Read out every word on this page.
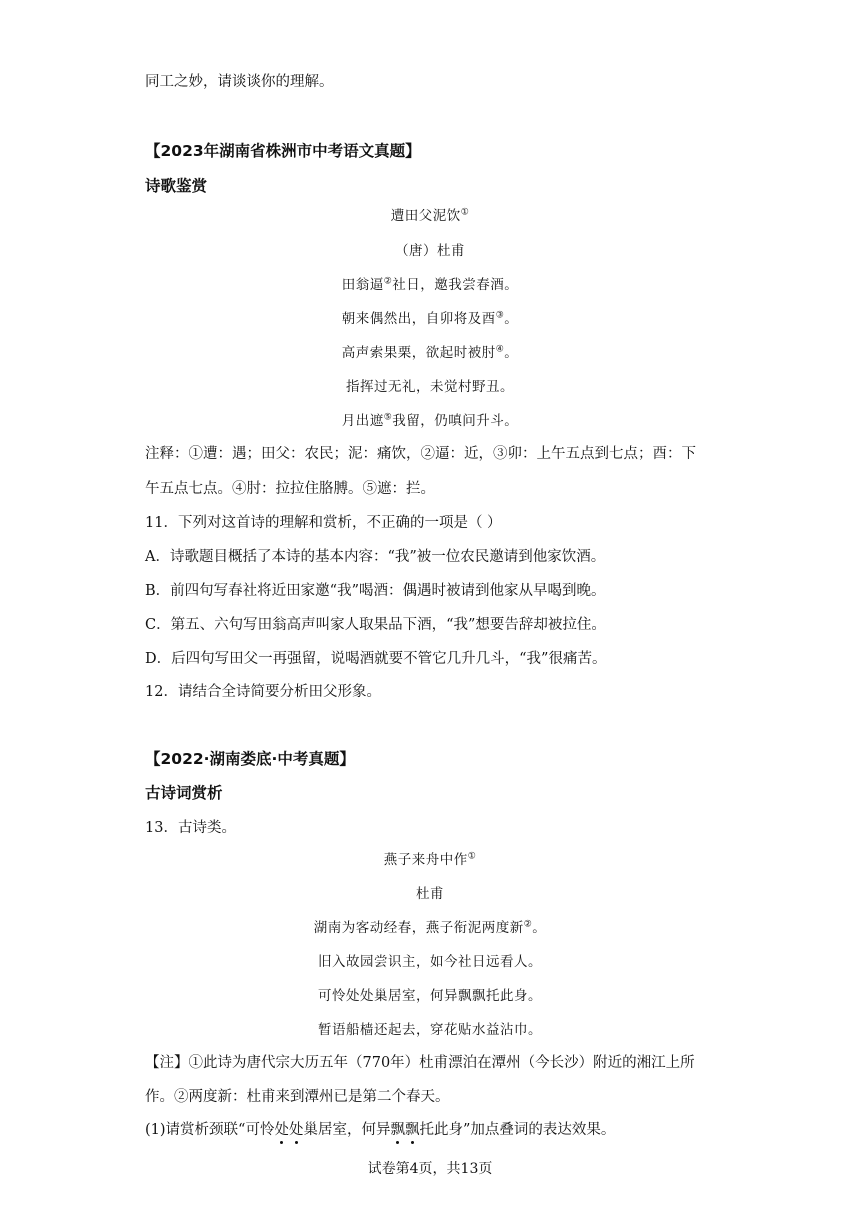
同工之妙，请谈谈你的理解。
【2023年湖南省株洲市中考语文真题】
诗歌鉴赏
遭田父泥饮①
（唐）杜甫
田翁逼②社日，邀我尝春酒。
朝来偶然出，自卯将及酉③。
高声索果栗，欲起时被肘④。
指挥过无礼，未觉村野丑。
月出遮⑤我留，仍嗔问升斗。
注释：①遭：遇；田父：农民；泥：痛饮，②逼：近，③卯：上午五点到七点；酉：下
午五点七点。④肘：拉拉住胳膊。⑤遮：拦。
11．下列对这首诗的理解和赏析，不正确的一项是（ ）
A．诗歌题目概括了本诗的基本内容：“我”被一位农民邀请到他家饮酒。
B．前四句写春社将近田家邀“我”喝酒：偶遇时被请到他家从早喝到晚。
C．第五、六句写田翁高声叫家人取果品下酒，“我”想要告辞却被拉住。
D．后四句写田父一再强留，说喝酒就要不管它几升几斗，“我”很痛苦。
12．请结合全诗简要分析田父形象。
【2022·湖南娄底·中考真题】
古诗词赏析
13．古诗类。
燕子来舟中作①
杜甫
湖南为客动经春，燕子衔泥两度新②。
旧入故园尝识主，如今社日远看人。
可怜处处巢居室，何异飘飘托此身。
暂语船樯还起去，穿花贴水益沾巾。
【注】①此诗为唐代宗大历五年（770年）杜甫漂泊在潭州（今长沙）附近的湘江上所
作。②两度新：杜甫来到潭州已是第二个春天。
(1)请赏析颈联“可怜处处巢居室，何异飘飘托此身”加点叠词的表达效果。
试卷第4页，共13页
